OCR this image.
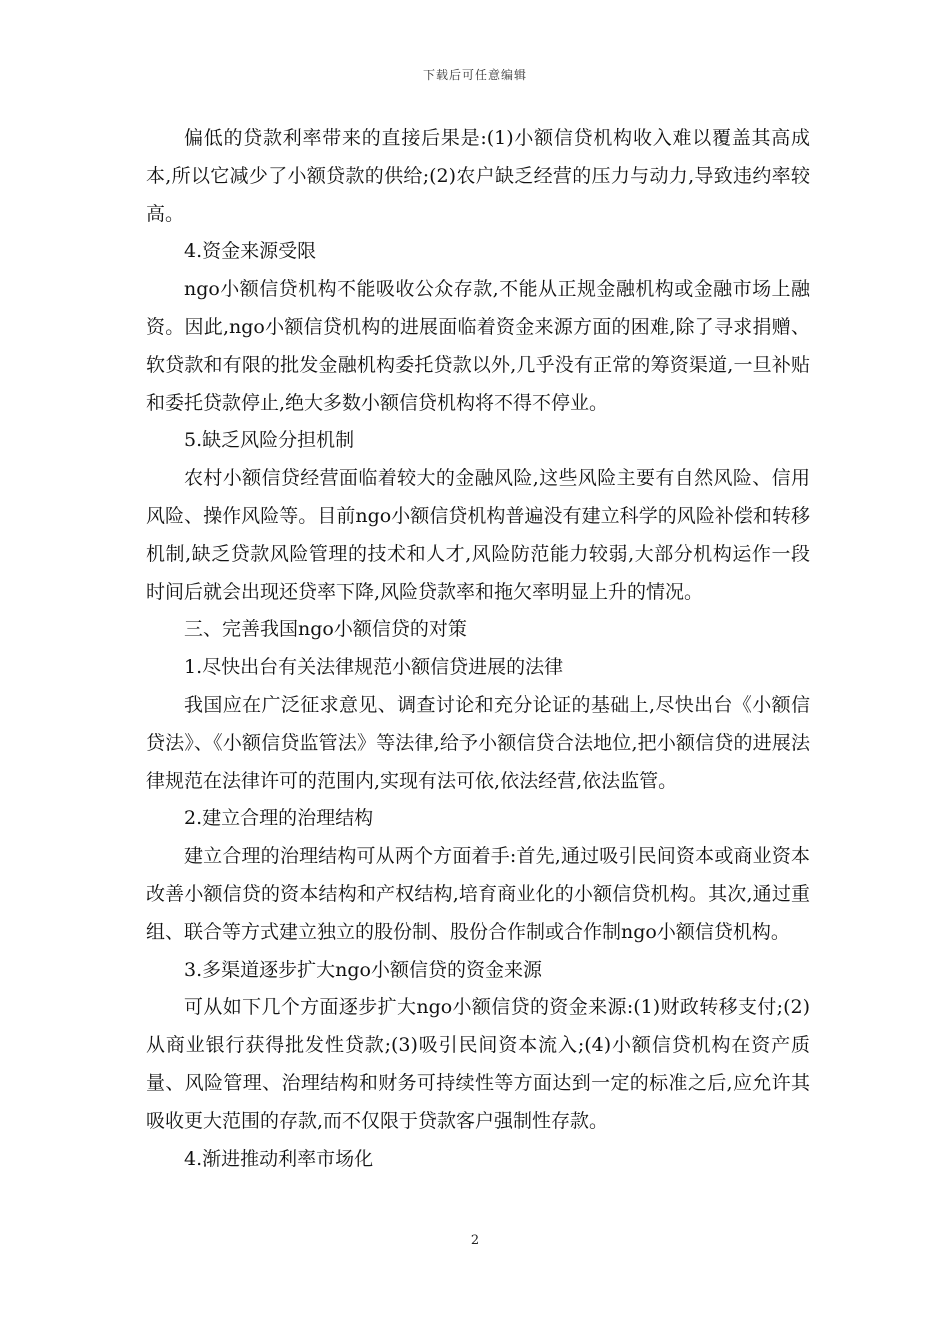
下载后可任意编辑

偏低的贷款利率带来的直接后果是:(1)小额信贷机构收入难以覆盖其高成本,所以它减少了小额贷款的供给;(2)农户缺乏经营的压力与动力,导致违约率较高。

4.资金来源受限

ngo小额信贷机构不能吸收公众存款,不能从正规金融机构或金融市场上融资。因此,ngo小额信贷机构的进展面临着资金来源方面的困难,除了寻求捐赠、软贷款和有限的批发金融机构委托贷款以外,几乎没有正常的筹资渠道,一旦补贴和委托贷款停止,绝大多数小额信贷机构将不得不停业。

5.缺乏风险分担机制

农村小额信贷经营面临着较大的金融风险,这些风险主要有自然风险、信用风险、操作风险等。目前ngo小额信贷机构普遍没有建立科学的风险补偿和转移机制,缺乏贷款风险管理的技术和人才,风险防范能力较弱,大部分机构运作一段时间后就会出现还贷率下降,风险贷款率和拖欠率明显上升的情况。

三、完善我国ngo小额信贷的对策

1.尽快出台有关法律规范小额信贷进展的法律

我国应在广泛征求意见、调查讨论和充分论证的基础上,尽快出台《小额信贷法》、《小额信贷监管法》等法律,给予小额信贷合法地位,把小额信贷的进展法律规范在法律许可的范围内,实现有法可依,依法经营,依法监管。

2.建立合理的治理结构

建立合理的治理结构可从两个方面着手:首先,通过吸引民间资本或商业资本改善小额信贷的资本结构和产权结构,培育商业化的小额信贷机构。其次,通过重组、联合等方式建立独立的股份制、股份合作制或合作制ngo小额信贷机构。

3.多渠道逐步扩大ngo小额信贷的资金来源

可从如下几个方面逐步扩大ngo小额信贷的资金来源:(1)财政转移支付;(2)从商业银行获得批发性贷款;(3)吸引民间资本流入;(4)小额信贷机构在资产质量、风险管理、治理结构和财务可持续性等方面达到一定的标准之后,应允许其吸收更大范围的存款,而不仅限于贷款客户强制性存款。

4.渐进推动利率市场化

2
